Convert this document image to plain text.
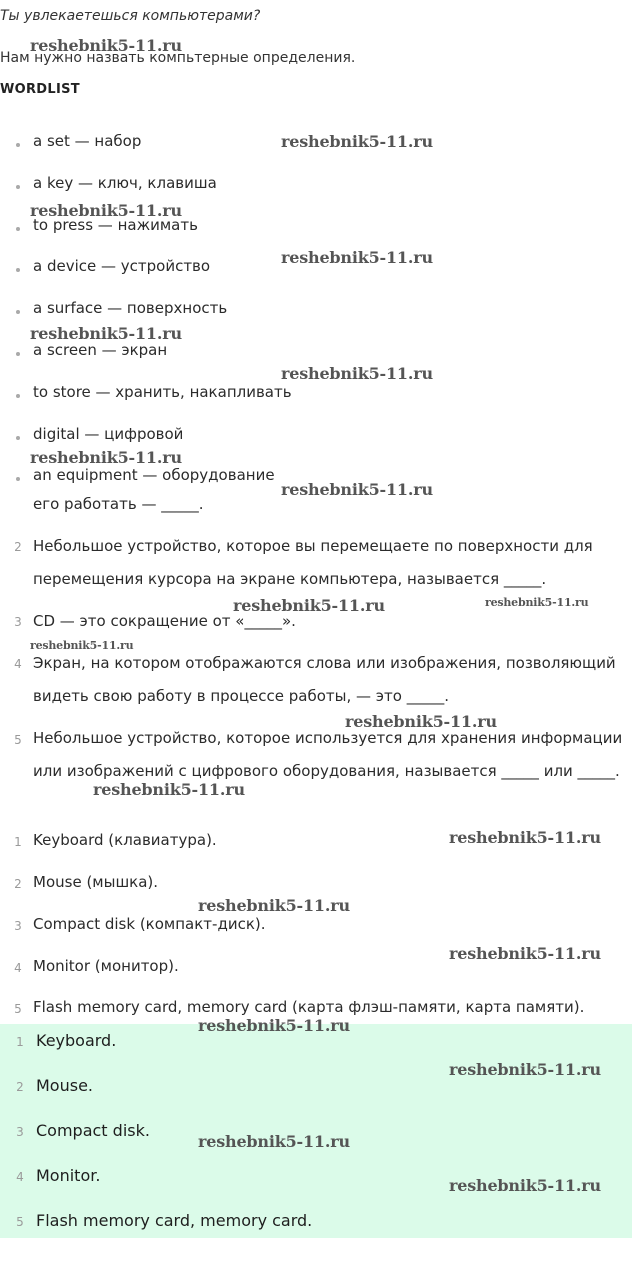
Ты увлекаетешься компьютерами?
Нам нужно назвать компьтерные определения.
WORDLIST
a set — набор
a key — ключ, клавиша
to press — нажимать
a device — устройство
a surface — поверхность
a screen — экран
to store — хранить, накапливать
digital — цифровой
an equipment — оборудование
его работать — _____.
2 Небольшое устройство, которое вы перемещаете по поверхности для
перемещения курсора на экране компьютера, называется _____.
3 CD — это сокращение от «_____».
4 Экран, на котором отображаются слова или изображения, позволяющий
видеть свою работу в процессе работы, — это _____.
5 Небольшое устройство, которое используется для хранения информации
или изображений с цифрового оборудования, называется _____ или _____.
1 Keyboard (клавиатура).
2 Mouse (мышка).
3 Compact disk (компакт-диск).
4 Monitor (монитор).
5 Flash memory card, memory card (карта флэш-памяти, карта памяти).
1 Keyboard.
2 Mouse.
3 Compact disk.
4 Monitor.
5 Flash memory card, memory card.
reshebnik5-11.ru
reshebnik5-11.ru
reshebnik5-11.ru
reshebnik5-11.ru
reshebnik5-11.ru
reshebnik5-11.ru
reshebnik5-11.ru
reshebnik5-11.ru
reshebnik5-11.ru	reshebnik5-11.ru
reshebnik5-11.ru
reshebnik5-11.ru
reshebnik5-11.ru
reshebnik5-11.ru
reshebnik5-11.ru
reshebnik5-11.ru
reshebnik5-11.ru
reshebnik5-11.ru
reshebnik5-11.ru
reshebnik5-11.ru
